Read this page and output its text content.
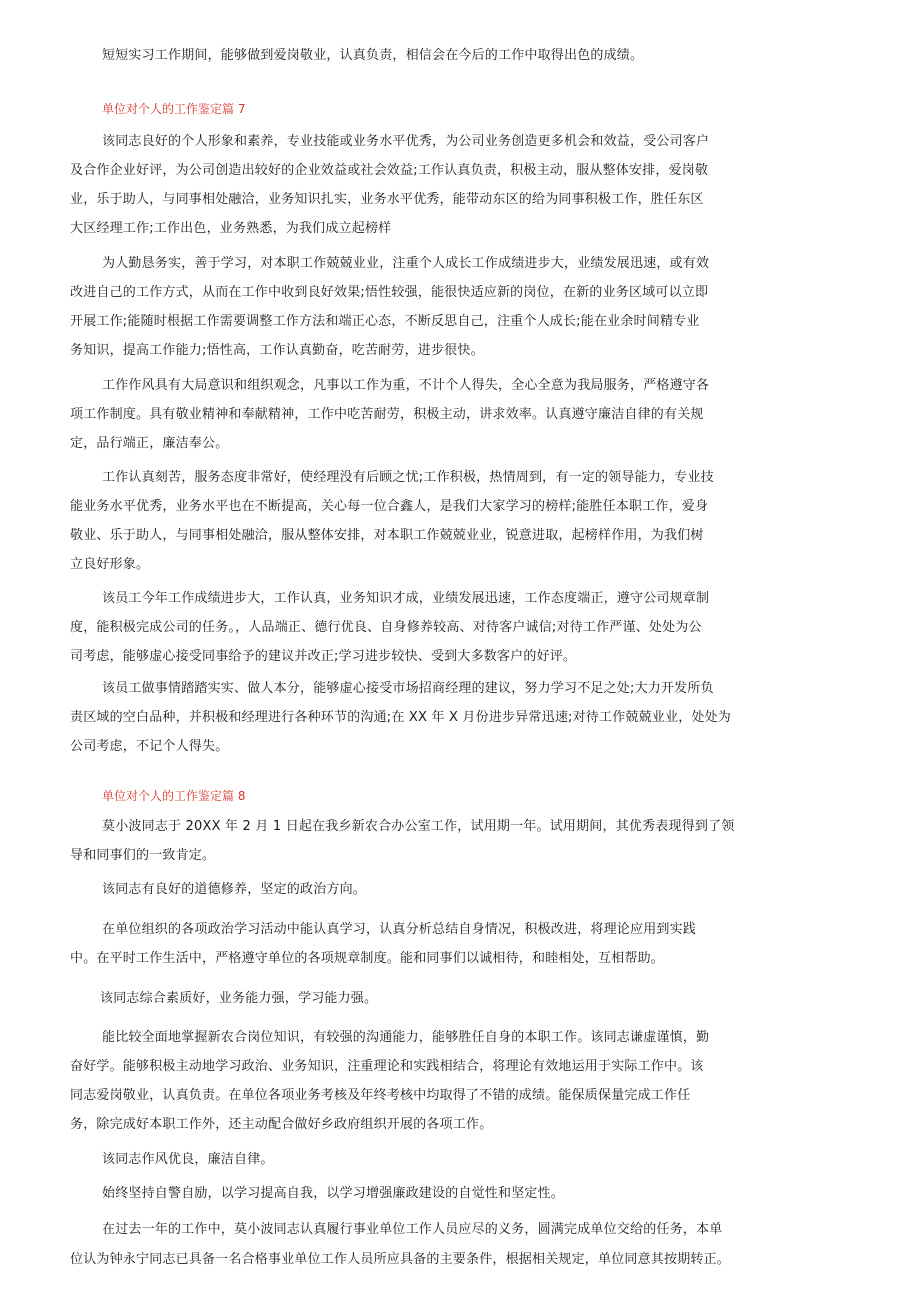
短短实习工作期间，能够做到爱岗敬业，认真负责，相信会在今后的工作中取得出色的成绩。
单位对个人的工作鉴定篇 7
该同志良好的个人形象和素养，专业技能或业务水平优秀，为公司业务创造更多机会和效益，受公司客户
及合作企业好评，为公司创造出较好的企业效益或社会效益;工作认真负责，积极主动，服从整体安排，爱岗敬
业，乐于助人，与同事相处融洽，业务知识扎实，业务水平优秀，能带动东区的给为同事积极工作，胜任东区
大区经理工作;工作出色，业务熟悉，为我们成立起榜样
为人勤恳务实，善于学习，对本职工作兢兢业业，注重个人成长工作成绩进步大，业绩发展迅速，或有效
改进自己的工作方式，从而在工作中收到良好效果;悟性较强，能很快适应新的岗位，在新的业务区域可以立即
开展工作;能随时根据工作需要调整工作方法和端正心态，不断反思自己，注重个人成长;能在业余时间精专业
务知识，提高工作能力;悟性高，工作认真勤奋，吃苦耐劳，进步很快。
工作作风具有大局意识和组织观念，凡事以工作为重，不计个人得失，全心全意为我局服务，严格遵守各
项工作制度。具有敬业精神和奉献精神，工作中吃苦耐劳，积极主动，讲求效率。认真遵守廉洁自律的有关规
定，品行端正，廉洁奉公。
工作认真刻苦，服务态度非常好，使经理没有后顾之忧;工作积极，热情周到，有一定的领导能力，专业技
能业务水平优秀，业务水平也在不断提高，关心每一位合鑫人，是我们大家学习的榜样;能胜任本职工作，爱身
敬业、乐于助人，与同事相处融洽，服从整体安排，对本职工作兢兢业业，锐意进取，起榜样作用，为我们树
立良好形象。
该员工今年工作成绩进步大，工作认真，业务知识才成，业绩发展迅速，工作态度端正，遵守公司规章制
度，能积极完成公司的任务。，人品端正、德行优良、自身修养较高、对待客户诚信;对待工作严谨、处处为公
司考虑，能够虚心接受同事给予的建议并改正;学习进步较快、受到大多数客户的好评。
该员工做事情踏踏实实、做人本分，能够虚心接受市场招商经理的建议，努力学习不足之处;大力开发所负
责区域的空白品种，并积极和经理进行各种环节的沟通;在 XX 年 X 月份进步异常迅速;对待工作兢兢业业，处处为
公司考虑，不记个人得失。
单位对个人的工作鉴定篇 8
莫小波同志于 20XX 年 2 月 1 日起在我乡新农合办公室工作，试用期一年。试用期间，其优秀表现得到了领
导和同事们的一致肯定。
该同志有良好的道德修养，坚定的政治方向。
在单位组织的各项政治学习活动中能认真学习，认真分析总结自身情况，积极改进，将理论应用到实践
中。在平时工作生活中，严格遵守单位的各项规章制度。能和同事们以诚相待，和睦相处，互相帮助。
该同志综合素质好，业务能力强，学习能力强。
能比较全面地掌握新农合岗位知识，有较强的沟通能力，能够胜任自身的本职工作。该同志谦虚谨慎，勤
奋好学。能够积极主动地学习政治、业务知识，注重理论和实践相结合，将理论有效地运用于实际工作中。该
同志爱岗敬业，认真负责。在单位各项业务考核及年终考核中均取得了不错的成绩。能保质保量完成工作任
务，除完成好本职工作外，还主动配合做好乡政府组织开展的各项工作。
该同志作风优良，廉洁自律。
始终坚持自警自励，以学习提高自我，以学习增强廉政建设的自觉性和坚定性。
在过去一年的工作中，莫小波同志认真履行事业单位工作人员应尽的义务，圆满完成单位交给的任务，本单
位认为钟永宁同志已具备一名合格事业单位工作人员所应具备的主要条件，根据相关规定，单位同意其按期转正。
